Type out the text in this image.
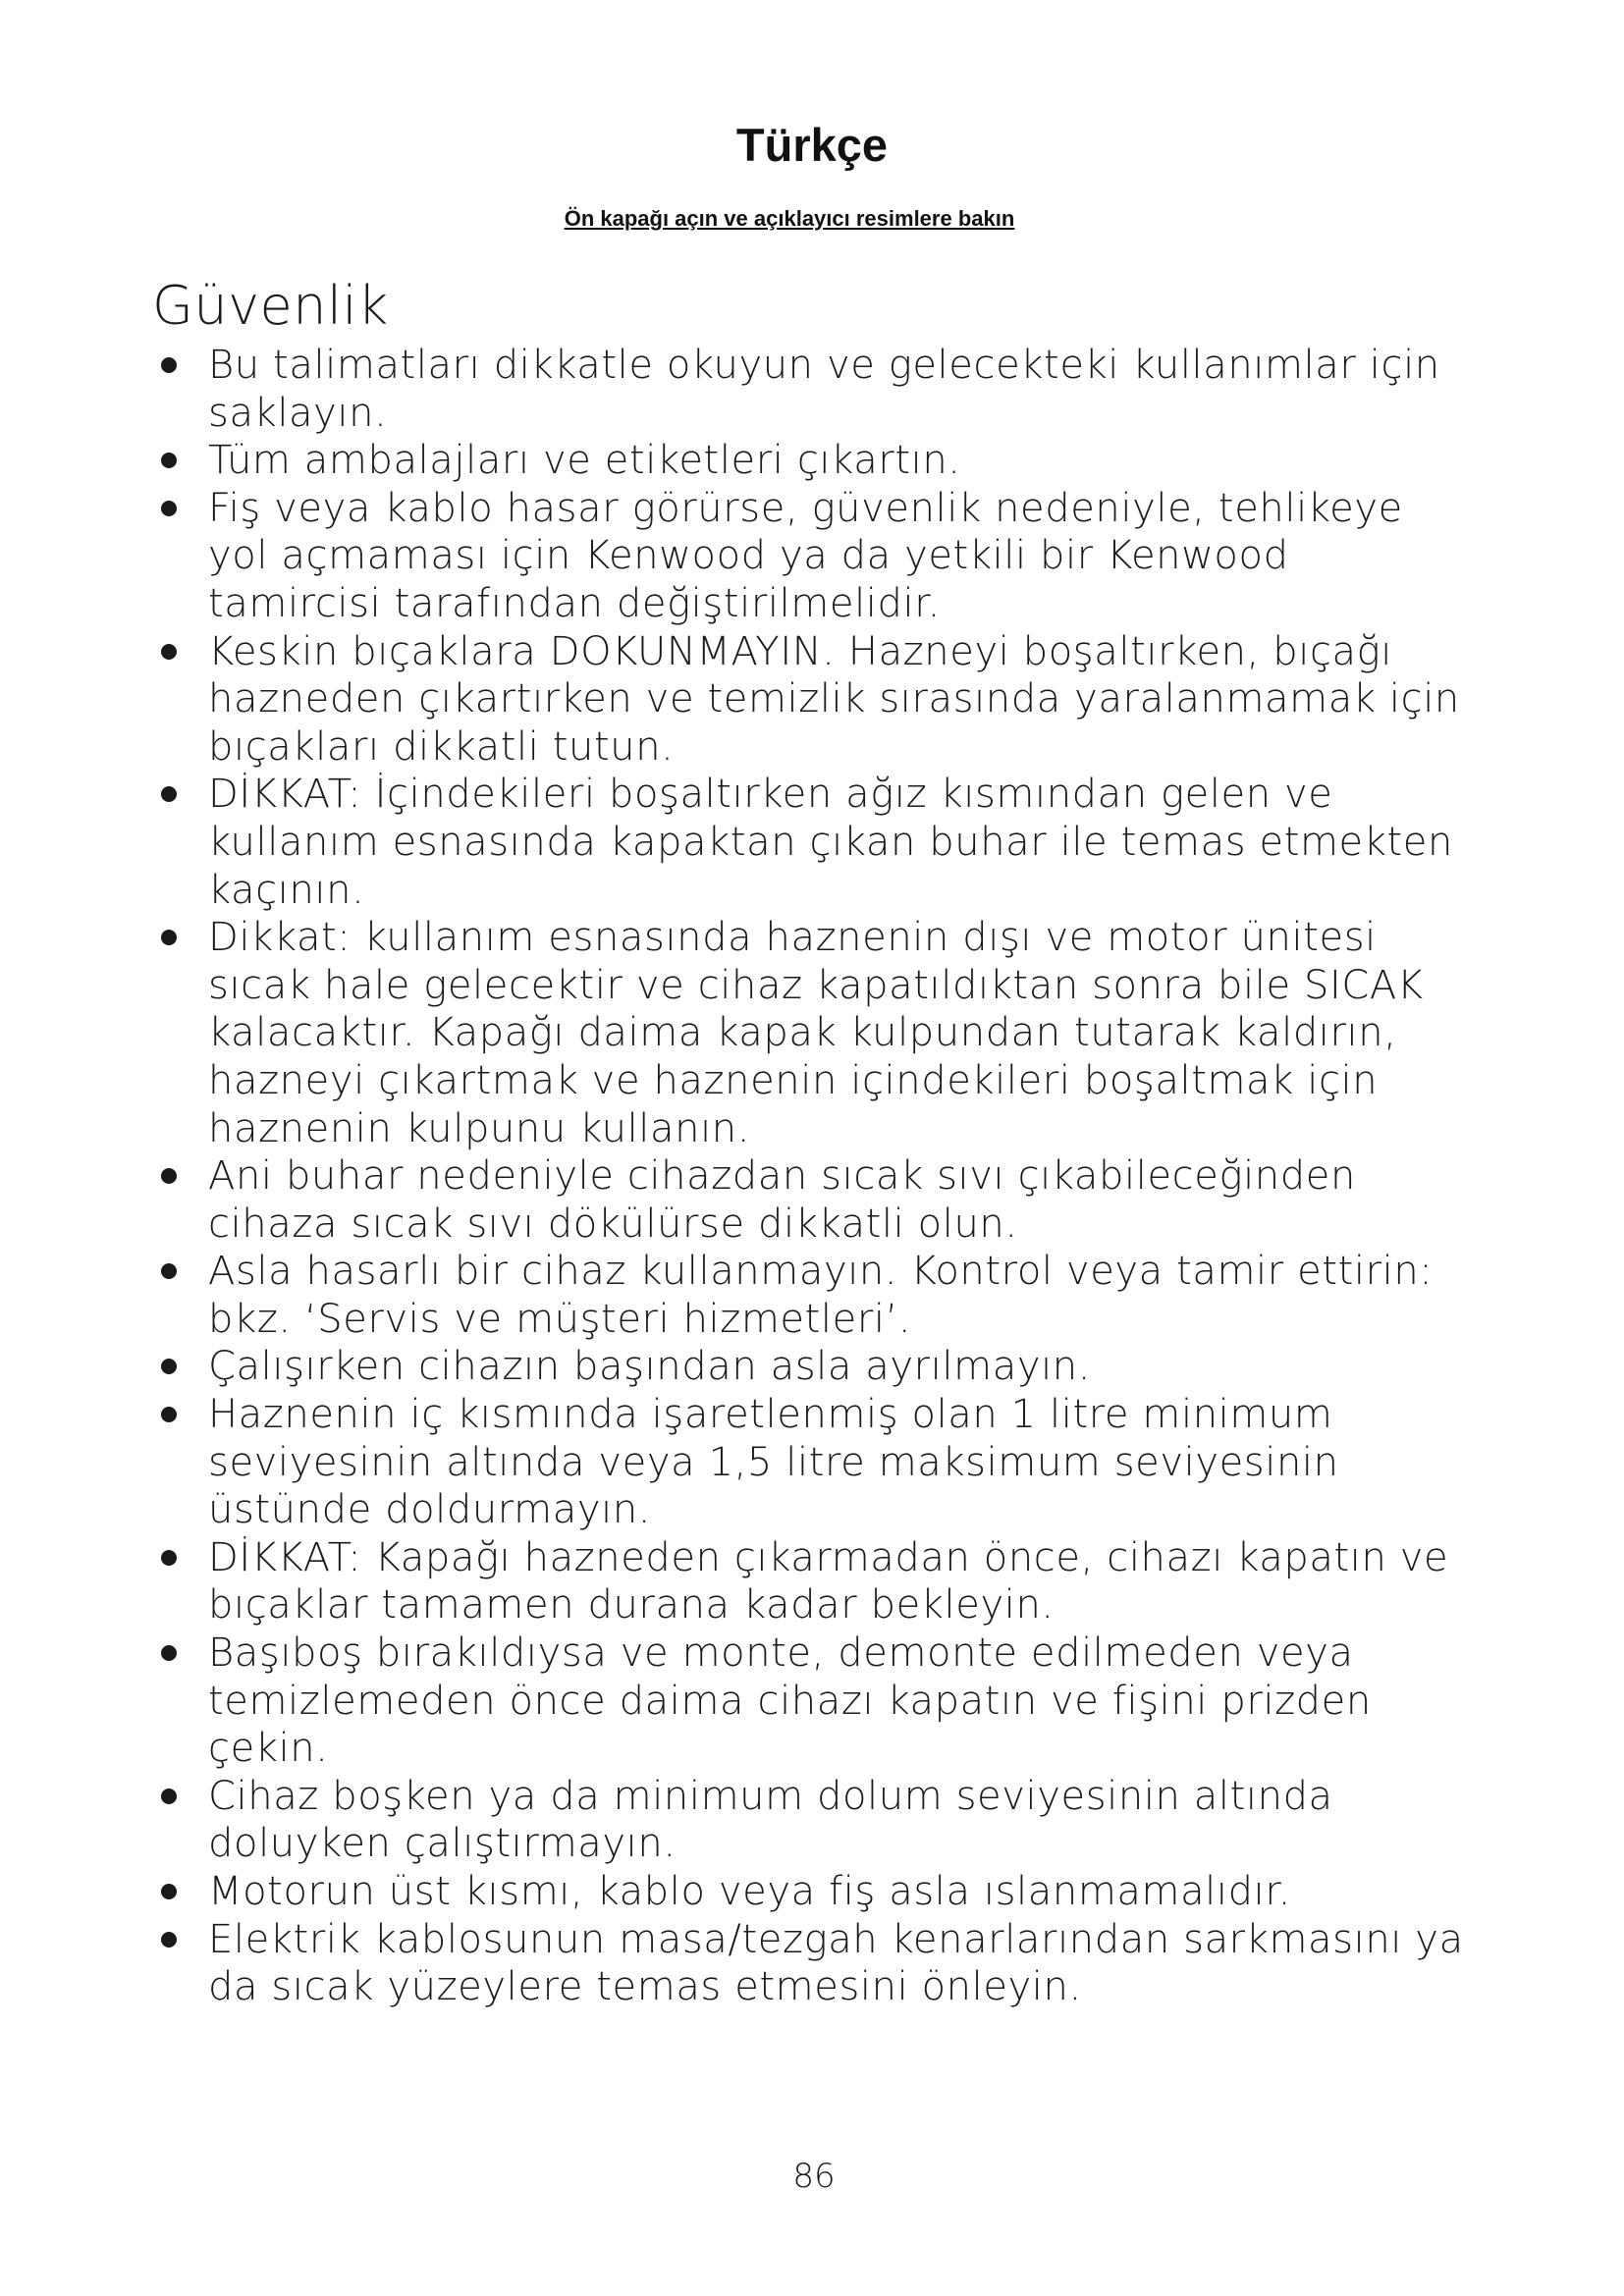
Türkçe
Ön kapağı açın ve açıklayıcı resimlere bakın
Güvenlik
Bu talimatları dikkatle okuyun ve gelecekteki kullanımlar için saklayın.
Tüm ambalajları ve etiketleri çıkartın.
Fiş veya kablo hasar görürse, güvenlik nedeniyle, tehlikeye yol açmaması için Kenwood ya da yetkili bir Kenwood tamircisi tarafından değiştirilmelidir.
Keskin bıçaklara DOKUNMAYIN. Hazneyi boşaltırken, bıçağı hazneden çıkartırken ve temizlik sırasında yaralanmamak için bıçakları dikkatli tutun.
DİKKAT: İçindekileri boşaltırken ağız kısmından gelen ve kullanım esnasında kapaktan çıkan buhar ile temas etmekten kaçının.
Dikkat: kullanım esnasında haznenin dışı ve motor ünitesi sıcak hale gelecektir ve cihaz kapatıldıktan sonra bile SICAK kalacaktır. Kapağı daima kapak kulpundan tutarak kaldırın, hazneyi çıkartmak ve haznenin içindekileri boşaltmak için haznenin kulpunu kullanın.
Ani buhar nedeniyle cihazdan sıcak sıvı çıkabileceğinden cihaza sıcak sıvı dökülürse dikkatli olun.
Asla hasarlı bir cihaz kullanmayın. Kontrol veya tamir ettirin: bkz. ‘Servis ve müşteri hizmetleri’.
Çalışırken cihazın başından asla ayrılmayın.
Haznenin iç kısmında işaretlenmiş olan 1 litre minimum seviyesinin altında veya 1,5 litre maksimum seviyesinin üstünde doldurmayın.
DİKKAT: Kapağı hazneden çıkarmadan önce, cihazı kapatın ve bıçaklar tamamen durana kadar bekleyin.
Başıboş bırakıldıysa ve monte, demonte edilmeden veya temizlemeden önce daima cihazı kapatın ve fişini prizden çekin.
Cihaz boşken ya da minimum dolum seviyesinin altında doluyken çalıştırmayın.
Motorun üst kısmı, kablo veya fiş asla ıslanmamalıdır.
Elektrik kablosunun masa/tezgah kenarlarından sarkmasını ya da sıcak yüzeylere temas etmesini önleyin.
86
